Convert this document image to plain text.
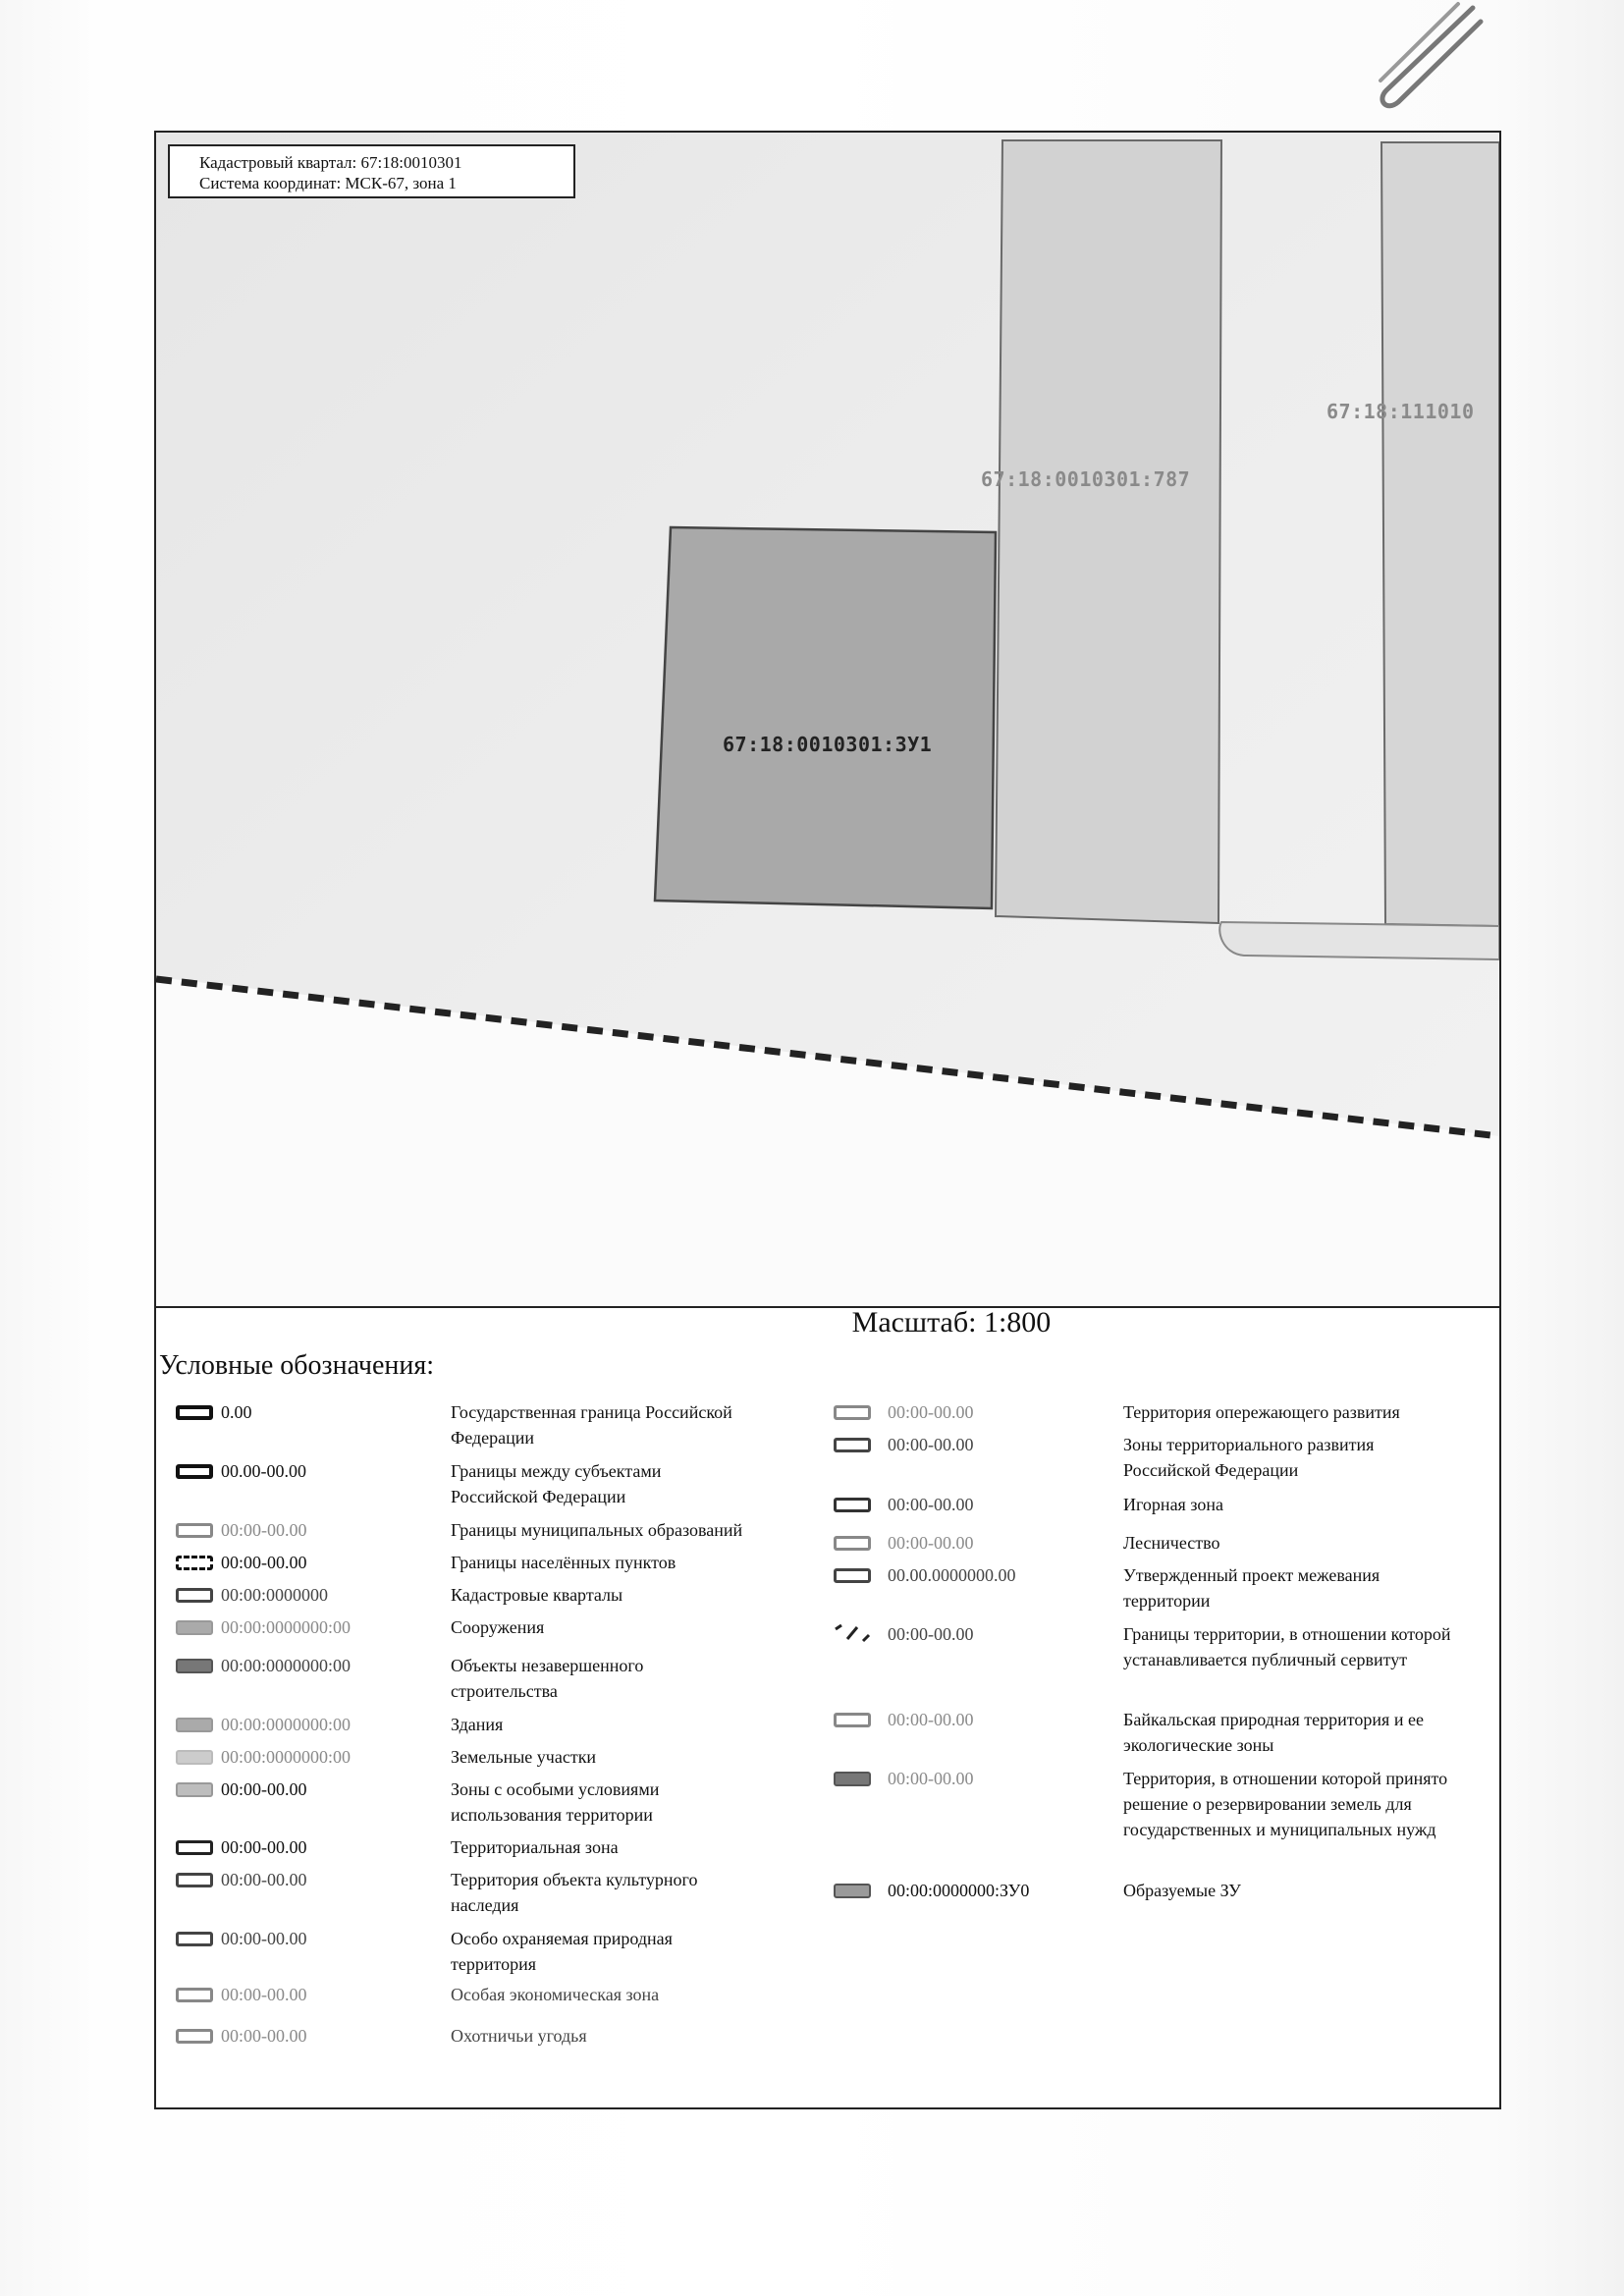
Кадастровый квартал: 67:18:0010301
Система координат: МСК-67, зона 1
67:18:0010301:ЗУ1
67:18:0010301:787
67:18:111010
Масштаб: 1:800
Условные обозначения:
0.00	Государственная граница Российской Федерации
00.00-00.00	Границы между субъектами Российской Федерации
00:00-00.00	Границы муниципальных образований
00:00-00.00	Границы населённых пунктов
00:00:0000000	Кадастровые кварталы
00:00:0000000:00	Сооружения
00:00:0000000:00	Объекты незавершенного строительства
00:00:0000000:00	Здания
00:00:0000000:00	Земельные участки
00:00-00.00	Зоны с особыми условиями использования территории
00:00-00.00	Территориальная зона
00:00-00.00	Территория объекта культурного наследия
00:00-00.00	Особо охраняемая природная территория
00:00-00.00	Особая экономическая зона
00:00-00.00	Охотничьи угодья
00:00-00.00	Территория опережающего развития
00:00-00.00	Зоны территориального развития Российской Федерации
00:00-00.00	Игорная зона
00:00-00.00	Лесничество
00.00.0000000.00	Утвержденный проект межевания территории
00:00-00.00	Границы территории, в отношении которой устанавливается публичный сервитут
00:00-00.00	Байкальская природная территория и ее экологические зоны
00:00-00.00	Территория, в отношении которой принято решение о резервировании земель для государственных и муниципальных нужд
00:00:0000000:ЗУ0	Образуемые ЗУ
